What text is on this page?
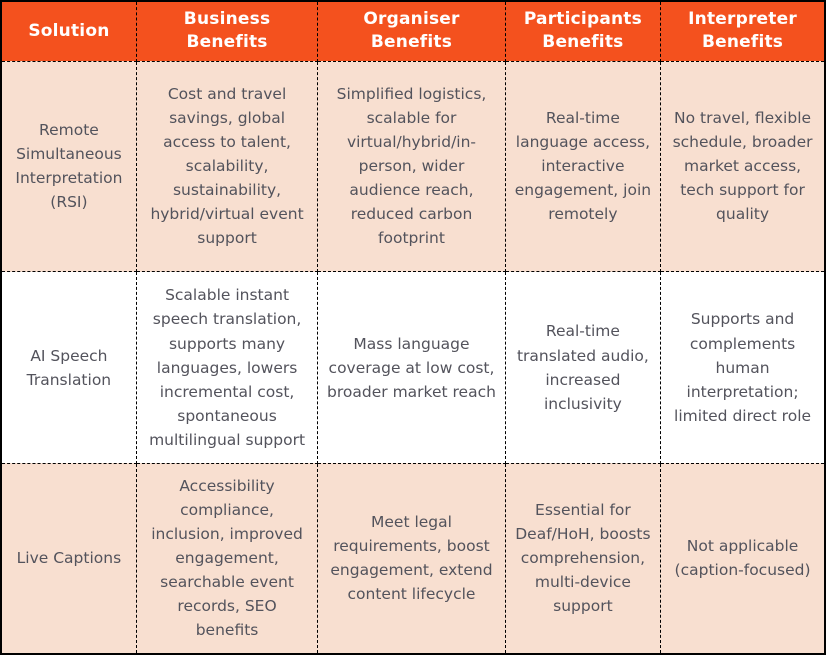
Solution	Business Benefits	Organiser Benefits	Participants Benefits	Interpreter Benefits
Remote Simultaneous Interpretation (RSI)	Cost and travel savings, global access to talent, scalability, sustainability, hybrid/virtual event support	Simplified logistics, scalable for virtual/hybrid/in-person, wider audience reach, reduced carbon footprint	Real-time language access, interactive engagement, join remotely	No travel, flexible schedule, broader market access, tech support for quality
AI Speech Translation	Scalable instant speech translation, supports many languages, lowers incremental cost, spontaneous multilingual support	Mass language coverage at low cost, broader market reach	Real-time translated audio, increased inclusivity	Supports and complements human interpretation; limited direct role
Live Captions	Accessibility compliance, inclusion, improved engagement, searchable event records, SEO benefits	Meet legal requirements, boost engagement, extend content lifecycle	Essential for Deaf/HoH, boosts comprehension, multi-device support	Not applicable (caption-focused)
